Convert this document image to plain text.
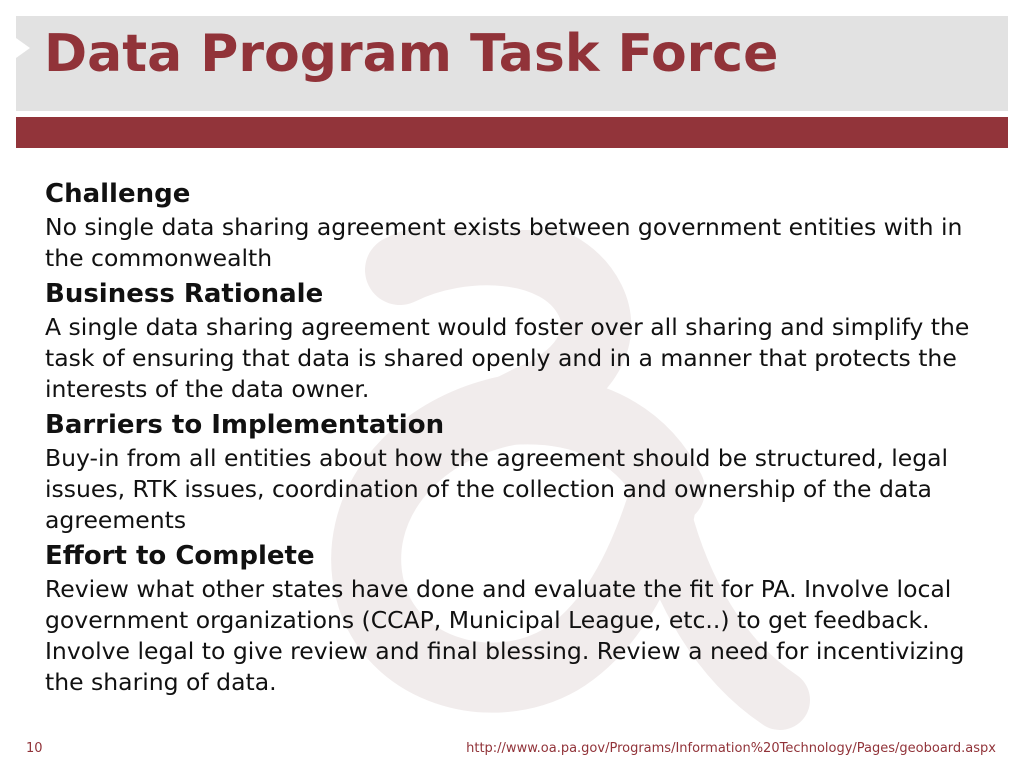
Data Program Task Force

Challenge

No single data sharing agreement exists between government entities with in the commonwealth

Business Rationale

A single data sharing agreement would foster over all sharing and simplify the task of ensuring that data is shared openly and in a manner that protects the interests of the data owner.

Barriers to Implementation

Buy-in from all entities about how the agreement should be structured, legal issues, RTK issues, coordination of the collection and ownership of the data agreements

Effort to Complete

Review what other states have done and evaluate the fit for PA. Involve local government organizations (CCAP, Municipal League, etc..) to get feedback. Involve legal to give review and final blessing. Review a need for incentivizing the sharing of data.

10	http://www.oa.pa.gov/Programs/Information%20Technology/Pages/geoboard.aspx
